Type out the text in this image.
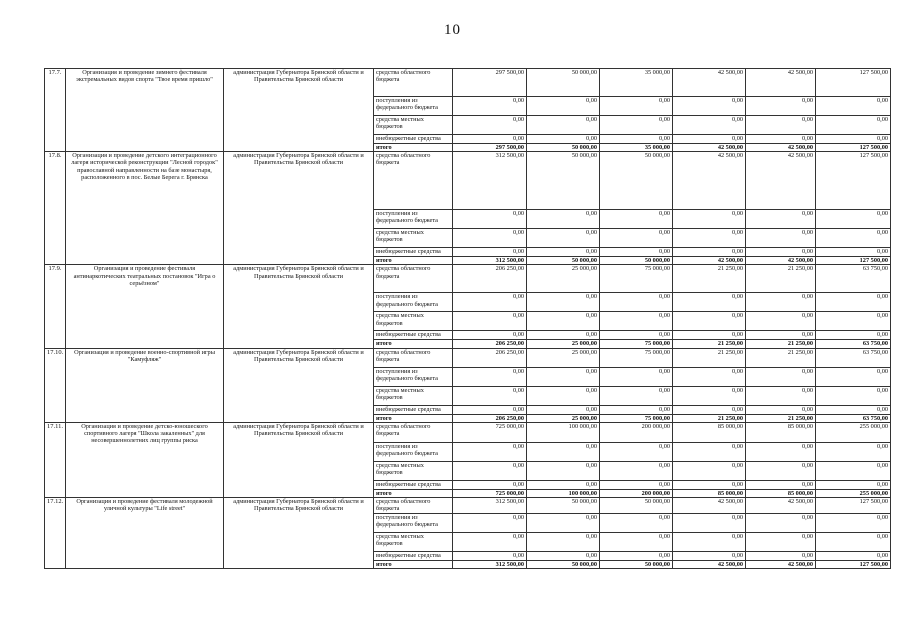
10
17.7.	Организация и проведение зимнего фестиваля экстремальных видов спорта "Твое время пришло"	администрация Губернатора Брянской области и Правительства Брянской области	средства областного бюджета	297 500,00	50 000,00	35 000,00	42 500,00	42 500,00	127 500,00
			поступления из федерального бюджета	0,00	0,00	0,00	0,00	0,00	0,00
			средства местных бюджетов	0,00	0,00	0,00	0,00	0,00	0,00
			внебюджетные средства	0,00	0,00	0,00	0,00	0,00	0,00
			итого	297 500,00	50 000,00	35 000,00	42 500,00	42 500,00	127 500,00
17.8.	Организация и проведение детского интеграционного лагеря исторической реконструкции "Лесной городок" православной направленности на базе монастыря, расположенного в пос. Белые Берега г. Брянска	администрация Губернатора Брянской области и Правительства Брянской области	средства областного бюджета	312 500,00	50 000,00	50 000,00	42 500,00	42 500,00	127 500,00
			поступления из федерального бюджета	0,00	0,00	0,00	0,00	0,00	0,00
			средства местных бюджетов	0,00	0,00	0,00	0,00	0,00	0,00
			внебюджетные средства	0,00	0,00	0,00	0,00	0,00	0,00
			итого	312 500,00	50 000,00	50 000,00	42 500,00	42 500,00	127 500,00
17.9.	Организация и проведение фестиваля антинаркотических театральных постановок "Игра о серьёзном"	администрация Губернатора Брянской области и Правительства Брянской области	средства областного бюджета	206 250,00	25 000,00	75 000,00	21 250,00	21 250,00	63 750,00
			поступления из федерального бюджета	0,00	0,00	0,00	0,00	0,00	0,00
			средства местных бюджетов	0,00	0,00	0,00	0,00	0,00	0,00
			внебюджетные средства	0,00	0,00	0,00	0,00	0,00	0,00
			итого	206 250,00	25 000,00	75 000,00	21 250,00	21 250,00	63 750,00
17.10.	Организация и проведение военно-спортивной игры "Камуфляж"	администрация Губернатора Брянской области и Правительства Брянской области	средства областного бюджета	206 250,00	25 000,00	75 000,00	21 250,00	21 250,00	63 750,00
			поступления из федерального бюджета	0,00	0,00	0,00	0,00	0,00	0,00
			средства местных бюджетов	0,00	0,00	0,00	0,00	0,00	0,00
			внебюджетные средства	0,00	0,00	0,00	0,00	0,00	0,00
			итого	206 250,00	25 000,00	75 000,00	21 250,00	21 250,00	63 750,00
17.11.	Организация и проведение детско-юношеского спортивного лагеря "Школа закаленных" для несовершеннолетних лиц группы риска	администрация Губернатора Брянской области и Правительства Брянской области	средства областного бюджета	725 000,00	100 000,00	200 000,00	85 000,00	85 000,00	255 000,00
			поступления из федерального бюджета	0,00	0,00	0,00	0,00	0,00	0,00
			средства местных бюджетов	0,00	0,00	0,00	0,00	0,00	0,00
			внебюджетные средства	0,00	0,00	0,00	0,00	0,00	0,00
			итого	725 000,00	100 000,00	200 000,00	85 000,00	85 000,00	255 000,00
17.12.	Организация и проведение фестиваля молодежной уличной культуры "Life street"	администрация Губернатора Брянской области и Правительства Брянской области	средства областного бюджета	312 500,00	50 000,00	50 000,00	42 500,00	42 500,00	127 500,00
			поступления из федерального бюджета	0,00	0,00	0,00	0,00	0,00	0,00
			средства местных бюджетов	0,00	0,00	0,00	0,00	0,00	0,00
			внебюджетные средства	0,00	0,00	0,00	0,00	0,00	0,00
			итого	312 500,00	50 000,00	50 000,00	42 500,00	42 500,00	127 500,00
